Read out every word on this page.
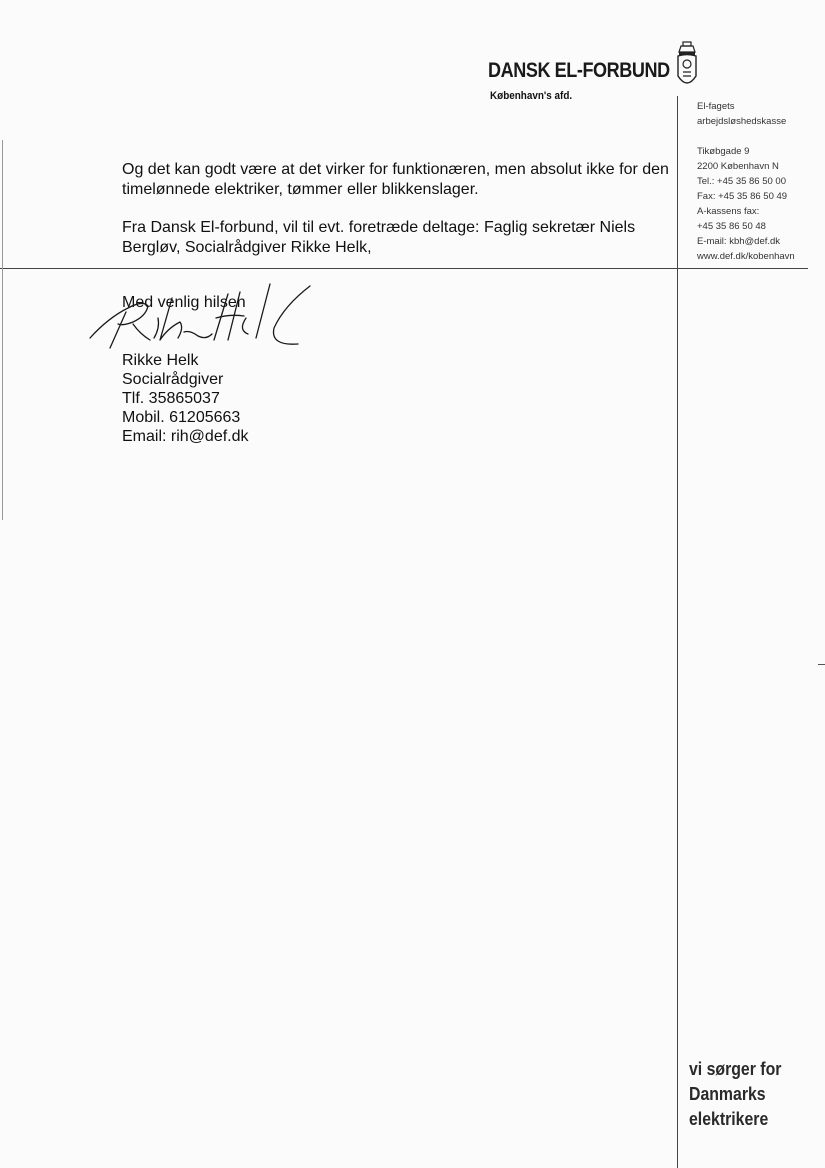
DANSK EL-FORBUND
København's afd.
El-fagets
arbejdsløshedskasse
Tikøbgade 9
2200 København N
Tel.: +45 35 86 50 00
Fax: +45 35 86 50 49
A-kassens fax:
+45 35 86 50 48
E-mail: kbh@def.dk
www.def.dk/kobenhavn
Og det kan godt være at det virker for funktionæren, men absolut ikke for den timelønnede elektriker, tømmer eller blikkenslager.
Fra Dansk El-forbund, vil til evt. foretræde deltage: Faglig sekretær Niels Bergløv, Socialrådgiver Rikke Helk,
Med venlig hilsen
Rikke Helk
Socialrådgiver
Tlf. 35865037
Mobil. 61205663
Email: rih@def.dk
vi sørger for
Danmarks
elektrikere
